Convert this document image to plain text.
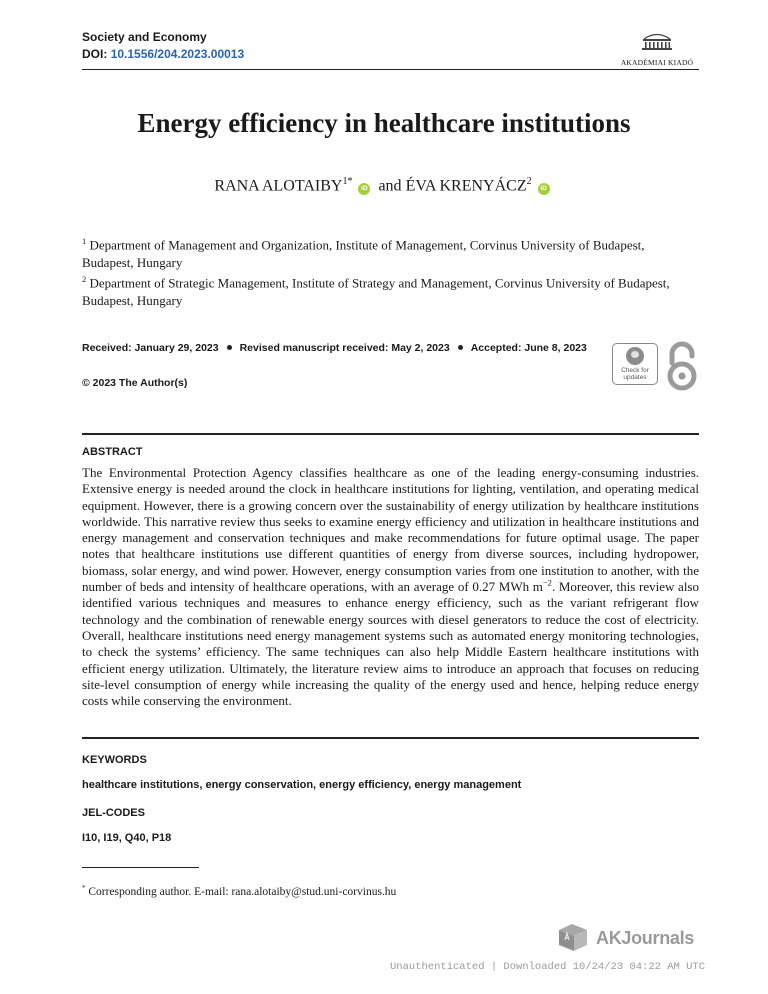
Society and Economy
DOI: 10.1556/204.2023.00013
AKADÉMIAI KIADÓ
Energy efficiency in healthcare institutions
RANA $ALOTAIBY^{1*}$ iD and ÉVA KRENYÁCZ$^2$ iD
$^1$ Department of Management and Organization, Institute of Management, Corvinus University of Budapest, Budapest, Hungary
$^2$ Department of Strategic Management, Institute of Strategy and Management, Corvinus University of Budapest, Budapest, Hungary
Received: January 29, 2023 Revised manuscript received: May 2, 2023 Accepted: June 8, 2023
© 2023 The Author(s)
Check for
updates
ABSTRACT
The Environmental Protection Agency classifies healthcare as one of the leading energy-consuming industries. Extensive energy is needed around the clock in healthcare institutions for lighting, ventilation, and operating medical equipment. However, there is a growing concern over the sustainability of energy utilization by healthcare institutions worldwide. This narrative review thus seeks to examine energy efficiency and utilization in healthcare institutions and energy management and conservation techniques and make recommendations for future optimal usage. The paper notes that healthcare institutions use different quantities of energy from diverse sources, including hydropower, biomass, solar energy, and wind power. However, energy consumption varies from one institution to another, with the number of beds and intensity of healthcare operations, with an average of 0.27 MWh $m^{-2}$. Moreover, this review also identified various techniques and measures to enhance energy efficiency, such as the variant refrigerant flow technology and the combination of renewable energy sources with diesel generators to reduce the cost of electricity. Overall, healthcare institutions need energy management systems such as automated energy monitoring technologies, to check the systems’ efficiency. The same techniques can also help Middle Eastern healthcare institutions with efficient energy utilization. Ultimately, the literature review aims to introduce an approach that focuses on reducing site-level consumption of energy while increasing the quality of the energy used and hence, helping reduce energy costs while conserving the environment.
KEYWORDS
healthcare institutions, energy conservation, energy efficiency, energy management
JEL-CODES
I10, I19, Q40, P18
* Corresponding author. E-mail: rana.alotaiby@stud.uni-corvinus.hu
AKJournals
Unauthenticated | Downloaded 10/24/23 04:22 AM UTC
